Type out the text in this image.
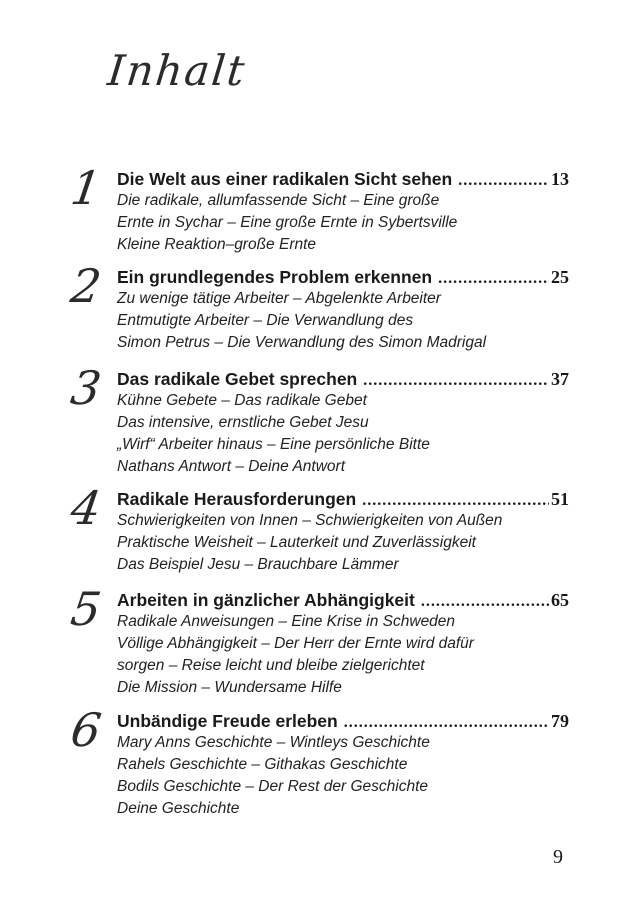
Inhalt
1 Die Welt aus einer radikalen Sicht sehen .....	13
Die radikale, allumfassende Sicht – Eine große
Ernte in Sychar – Eine große Ernte in Sybertsville
Kleine Reaktion–große Ernte
2 Ein grundlegendes Problem erkennen .....	25
Zu wenige tätige Arbeiter – Abgelenkte Arbeiter
Entmutigte Arbeiter – Die Verwandlung des
Simon Petrus – Die Verwandlung des Simon Madrigal
3 Das radikale Gebet sprechen .....	37
Kühne Gebete – Das radikale Gebet
Das intensive, ernstliche Gebet Jesu
„Wirf“ Arbeiter hinaus – Eine persönliche Bitte
Nathans Antwort – Deine Antwort
4 Radikale Herausforderungen .....	51
Schwierigkeiten von Innen – Schwierigkeiten von Außen
Praktische Weisheit – Lauterkeit und Zuverlässigkeit
Das Beispiel Jesu – Brauchbare Lämmer
5 Arbeiten in gänzlicher Abhängigkeit .....	65
Radikale Anweisungen – Eine Krise in Schweden
Völlige Abhängigkeit – Der Herr der Ernte wird dafür
sorgen – Reise leicht und bleibe zielgerichtet
Die Mission – Wundersame Hilfe
6 Unbändige Freude erleben .....	79
Mary Anns Geschichte – Wintleys Geschichte
Rahels Geschichte – Githakas Geschichte
Bodils Geschichte – Der Rest der Geschichte
Deine Geschichte
9
